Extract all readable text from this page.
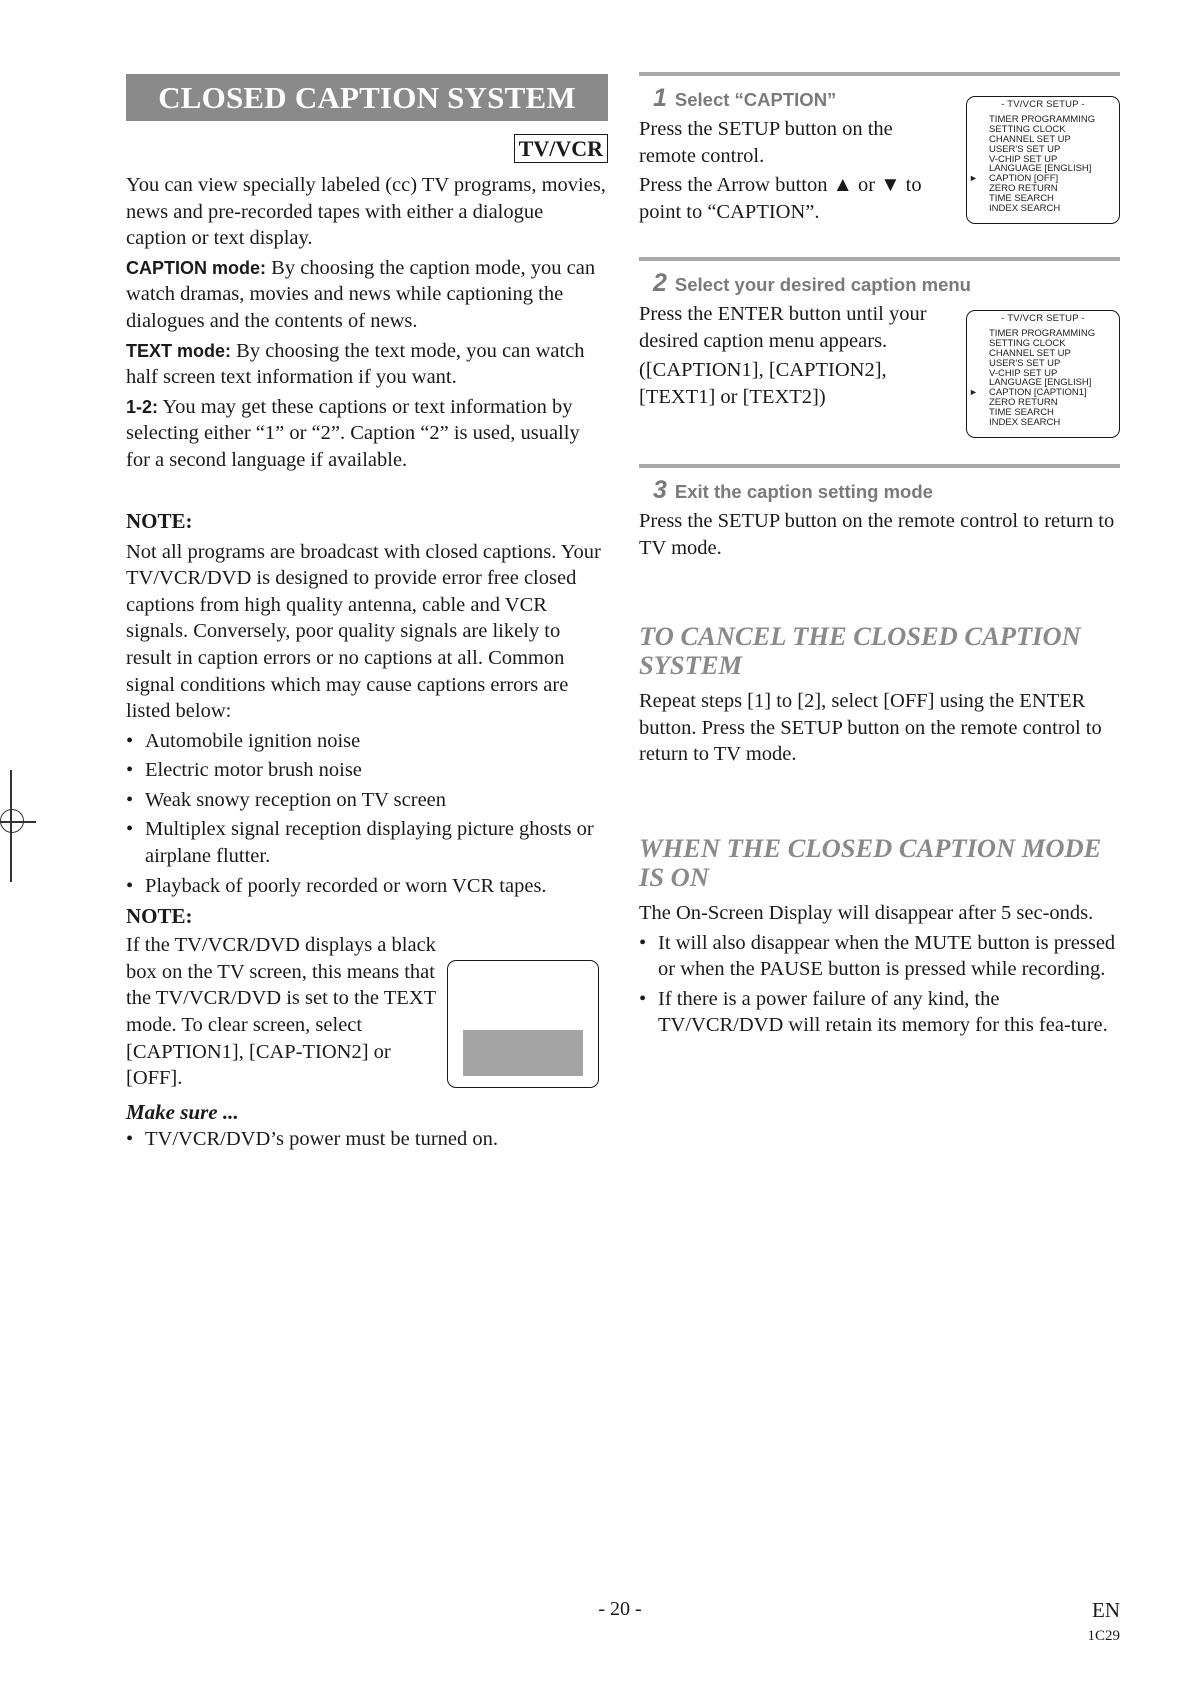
CLOSED CAPTION SYSTEM
TV/VCR

You can view specially labeled (cc) TV programs, movies, news and pre-recorded tapes with either a dialogue caption or text display.

CAPTION mode: By choosing the caption mode, you can watch dramas, movies and news while captioning the dialogues and the contents of news.

TEXT mode: By choosing the text mode, you can watch half screen text information if you want.

1-2: You may get these captions or text information by selecting either “1” or “2”. Caption “2” is used, usually for a second language if available.

NOTE:

Not all programs are broadcast with closed captions. Your TV/VCR/DVD is designed to provide error free closed captions from high quality antenna, cable and VCR signals. Conversely, poor quality signals are likely to result in caption errors or no captions at all. Common signal conditions which may cause captions errors are listed below:

• Automobile ignition noise
• Electric motor brush noise
• Weak snowy reception on TV screen
• Multiplex signal reception displaying picture ghosts or airplane flutter.
• Playback of poorly recorded or worn VCR tapes.

NOTE:

If the TV/VCR/DVD displays a black box on the TV screen, this means that the TV/VCR/DVD is set to the TEXT mode. To clear screen, select [CAPTION1], [CAP-TION2] or [OFF].

Make sure ...

• TV/VCR/DVD’s power must be turned on.
1 Select “CAPTION”

Press the SETUP button on the remote control.

Press the Arrow button ▲ or ▼ to point to “CAPTION”.

2 Select your desired caption menu

Press the ENTER button until your desired caption menu appears.

([CAPTION1], [CAPTION2], [TEXT1] or [TEXT2])

3 Exit the caption setting mode

Press the SETUP button on the remote control to return to TV mode.

TO CANCEL THE CLOSED CAPTION SYSTEM

Repeat steps [1] to [2], select [OFF] using the ENTER button. Press the SETUP button on the remote control to return to TV mode.

WHEN THE CLOSED CAPTION MODE IS ON

The On-Screen Display will disappear after 5 sec-onds.

• It will also disappear when the MUTE button is pressed or when the PAUSE button is pressed while recording.
• If there is a power failure of any kind, the TV/VCR/DVD will retain its memory for this fea-ture.
- TV/VCR SETUP -
TIMER PROGRAMMING
SETTING CLOCK
CHANNEL SET UP
USER'S SET UP
V-CHIP SET UP
LANGUAGE [ENGLISH]
► CAPTION [OFF]
ZERO RETURN
TIME SEARCH
INDEX SEARCH
- TV/VCR SETUP -
TIMER PROGRAMMING
SETTING CLOCK
CHANNEL SET UP
USER'S SET UP
V-CHIP SET UP
LANGUAGE [ENGLISH]
► CAPTION [CAPTION1]
ZERO RETURN
TIME SEARCH
INDEX SEARCH
- 20 -	EN
1C29
